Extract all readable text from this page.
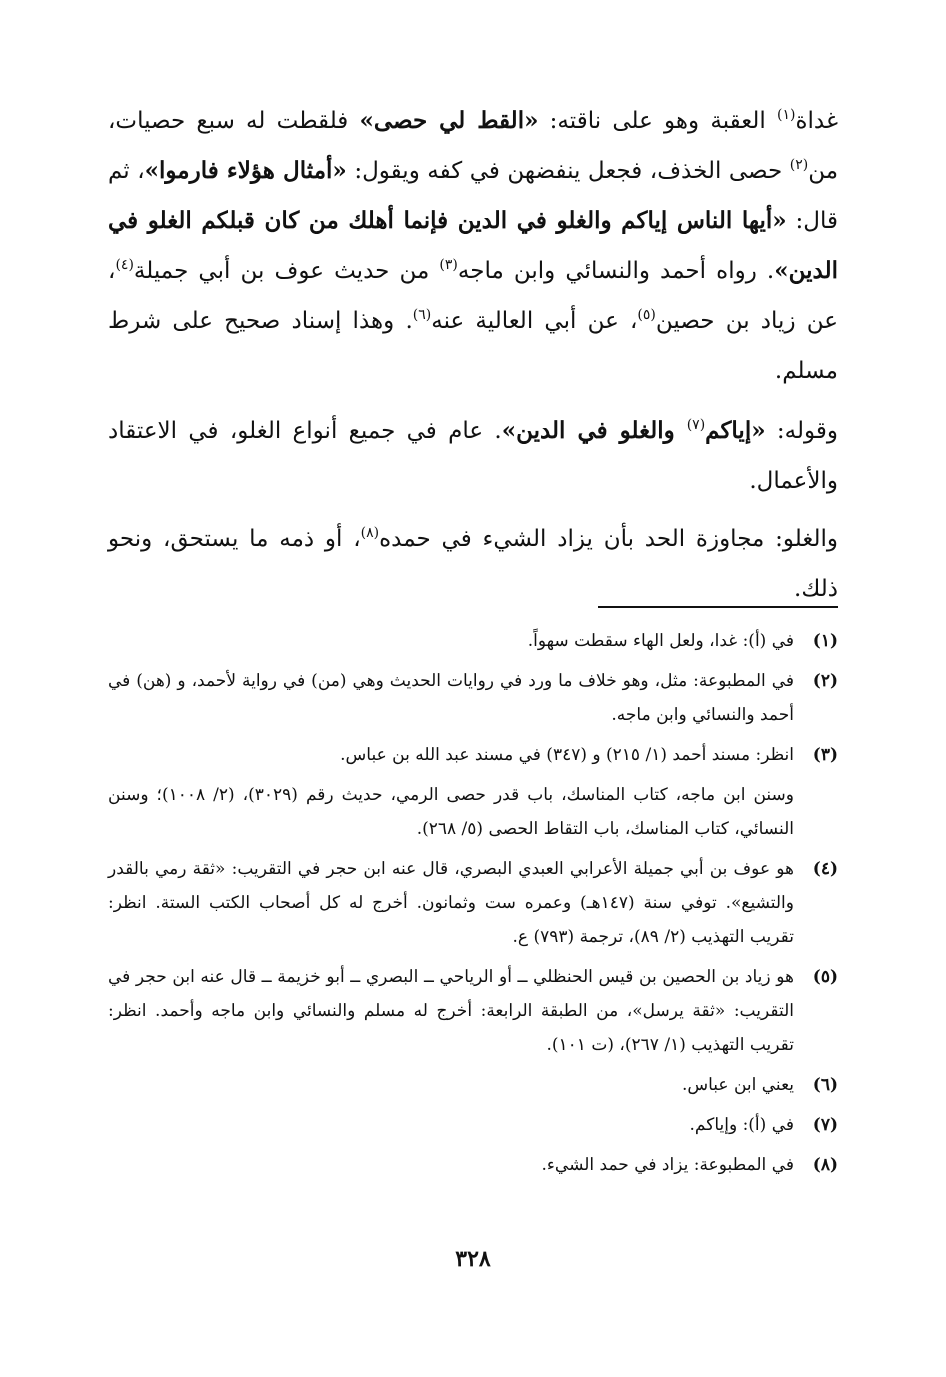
غداة$^{(١)}$ العقبة وهو على ناقته: «القط لي حصى» فلقطت له سبع حصيات، من$^{(٢)}$ حصى الخذف، فجعل ينفضهن في كفه ويقول: «أمثال هؤلاء فارموا»، ثم قال: «أيها الناس إياكم والغلو في الدين فإنما أهلك من كان قبلكم الغلو في الدين». رواه أحمد والنسائي وابن ماجه$^{(٣)}$ من حديث عوف بن أبي جميلة$^{(٤)}$، عن زياد بن حصين$^{(٥)}$، عن أبي العالية عنه$^{(٦)}$. وهذا إسناد صحيح على شرط مسلم.

وقوله: «إياكم$^{(٧)}$ والغلو في الدين». عام في جميع أنواع الغلو، في الاعتقاد والأعمال.

والغلو: مجاوزة الحد بأن يزاد الشيء في حمده$^{(٨)}$، أو ذمه ما يستحق، ونحو ذلك.

(١)
في (أ): غدا، ولعل الهاء سقطت سهواً.
(٢)
في المطبوعة: مثل، وهو خلاف ما ورد في روايات الحديث وهي (من) في رواية لأحمد، و (هن) في أحمد والنسائي وابن ماجه.
(٣)
انظر: مسند أحمد (١/ ٢١٥) و (٣٤٧) في مسند عبد الله بن عباس.
وسنن ابن ماجه، كتاب المناسك، باب قدر حصى الرمي، حديث رقم (٣٠٢٩)، (٢/ ١٠٠٨)؛ وسنن النسائي، كتاب المناسك، باب التقاط الحصى (٥/ ٢٦٨).
(٤)
هو عوف بن أبي جميلة الأعرابي العبدي البصري، قال عنه ابن حجر في التقريب: «ثقة رمي بالقدر والتشيع». توفي سنة (١٤٧هـ) وعمره ست وثمانون. أخرج له كل أصحاب الكتب الستة. انظر: تقريب التهذيب (٢/ ٨٩)، ترجمة (٧٩٣) ع.
(٥)
هو زياد بن الحصين بن قيس الحنظلي ــ أو الرياحي ــ البصري ــ أبو خزيمة ــ قال عنه ابن حجر في التقريب: «ثقة يرسل»، من الطبقة الرابعة: أخرج له مسلم والنسائي وابن ماجه وأحمد. انظر: تقريب التهذيب (١/ ٢٦٧)، (ت ١٠١).
(٦)
يعني ابن عباس.
(٧)
في (أ): وإياكم.
(٨)
في المطبوعة: يزاد في حمد الشيء.
٣٢٨
